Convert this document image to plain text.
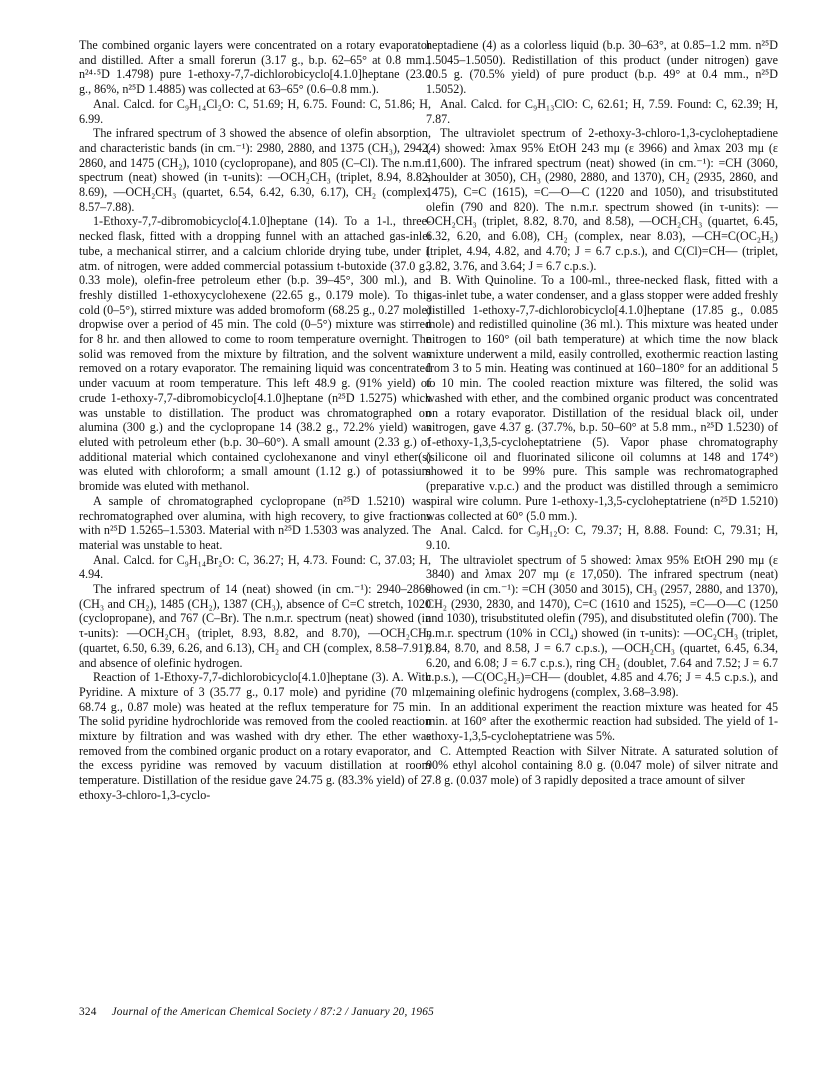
The combined organic layers were concentrated on a rotary evaporator and distilled. After a small forerun (3.17 g., b.p. 62–65° at 0.8 mm., n²⁴·⁵D 1.4798) pure 1-ethoxy-7,7-dichlorobicyclo[4.1.0]heptane (23.0 g., 86%, n²⁵D 1.4885) was collected at 63–65° (0.6–0.8 mm.).

Anal. Calcd. for C₉H₁₄Cl₂O: C, 51.69; H, 6.75. Found: C, 51.86; H, 6.99.

The infrared spectrum of 3 showed the absence of olefin absorption, and characteristic bands (in cm.⁻¹): 2980, 2880, and 1375 (CH₃), 2942, 2860, and 1475 (CH₂), 1010 (cyclopropane), and 805 (C–Cl). The n.m.r. spectrum (neat) showed (in τ-units): —OCH₂CH₃ (triplet, 8.94, 8.82, 8.69), —OCH₂CH₃ (quartet, 6.54, 6.42, 6.30, 6.17), CH₂ (complex, 8.57–7.88).

1-Ethoxy-7,7-dibromobicyclo[4.1.0]heptane (14). To a 1-l., three-necked flask, fitted with a dropping funnel with an attached gas-inlet tube, a mechanical stirrer, and a calcium chloride drying tube, under 1 atm. of nitrogen, were added commercial potassium t-butoxide (37.0 g., 0.33 mole), olefin-free petroleum ether (b.p. 39–45°, 300 ml.), and freshly distilled 1-ethoxycyclohexene (22.65 g., 0.179 mole). To this cold (0–5°), stirred mixture was added bromoform (68.25 g., 0.27 mole) dropwise over a period of 45 min. The cold (0–5°) mixture was stirred for 8 hr. and then allowed to come to room temperature overnight. The solid was removed from the mixture by filtration, and the solvent was removed on a rotary evaporator. The remaining liquid was concentrated under vacuum at room temperature. This left 48.9 g. (91% yield) of crude 1-ethoxy-7,7-dibromobicyclo[4.1.0]heptane (n²⁵D 1.5275) which was unstable to distillation. The product was chromatographed on alumina (300 g.) and the cyclopropane 14 (38.2 g., 72.2% yield) was eluted with petroleum ether (b.p. 30–60°). A small amount (2.33 g.) of additional material which contained cyclohexanone and vinyl ether(s) was eluted with chloroform; a small amount (1.12 g.) of potassium bromide was eluted with methanol.

A sample of chromatographed cyclopropane (n²⁵D 1.5210) was rechromatographed over alumina, with high recovery, to give fractions with n²⁵D 1.5265–1.5303. Material with n²⁵D 1.5303 was analyzed. The material was unstable to heat.

Anal. Calcd. for C₉H₁₄Br₂O: C, 36.27; H, 4.73. Found: C, 37.03; H, 4.94.

The infrared spectrum of 14 (neat) showed (in cm.⁻¹): 2940–2860 (CH₃ and CH₂), 1485 (CH₂), 1387 (CH₃), absence of C=C stretch, 1020 (cyclopropane), and 767 (C–Br). The n.m.r. spectrum (neat) showed (in τ-units): —OCH₂CH₃ (triplet, 8.93, 8.82, and 8.70), —OCH₂CH₃ (quartet, 6.50, 6.39, 6.26, and 6.13), CH₂ and CH (complex, 8.58–7.91), and absence of olefinic hydrogen.

Reaction of 1-Ethoxy-7,7-dichlorobicyclo[4.1.0]heptane (3). A. With Pyridine. A mixture of 3 (35.77 g., 0.17 mole) and pyridine (70 ml., 68.74 g., 0.87 mole) was heated at the reflux temperature for 75 min. The solid pyridine hydrochloride was removed from the cooled reaction mixture by filtration and was washed with dry ether. The ether was removed from the combined organic product on a rotary evaporator, and the excess pyridine was removed by vacuum distillation at room temperature. Distillation of the residue gave 24.75 g. (83.3% yield) of 2-ethoxy-3-chloro-1,3-cyclo-

heptadiene (4) as a colorless liquid (b.p. 30–63°, at 0.85–1.2 mm. n²⁵D 1.5045–1.5050). Redistillation of this product (under nitrogen) gave 20.5 g. (70.5% yield) of pure product (b.p. 49° at 0.4 mm., n²⁵D 1.5052).

Anal. Calcd. for C₉H₁₃ClO: C, 62.61; H, 7.59. Found: C, 62.39; H, 7.87.

The ultraviolet spectrum of 2-ethoxy-3-chloro-1,3-cycloheptadiene (4) showed: λmax 95% EtOH 243 mμ (ε 3966) and λmax 203 mμ (ε 11,600). The infrared spectrum (neat) showed (in cm.⁻¹): =CH (3060, shoulder at 3050), CH₃ (2980, 2880, and 1370), CH₂ (2935, 2860, and 1475), C=C (1615), =C—O—C (1220 and 1050), and trisubstituted olefin (790 and 820). The n.m.r. spectrum showed (in τ-units): —OCH₂CH₃ (triplet, 8.82, 8.70, and 8.58), —OCH₂CH₃ (quartet, 6.45, 6.32, 6.20, and 6.08), CH₂ (complex, near 8.03), —CH=C(OC₂H₅) (triplet, 4.94, 4.82, and 4.70; J = 6.7 c.p.s.), and C(Cl)=CH— (triplet, 3.82, 3.76, and 3.64; J = 6.7 c.p.s.).

B. With Quinoline. To a 100-ml., three-necked flask, fitted with a gas-inlet tube, a water condenser, and a glass stopper were added freshly distilled 1-ethoxy-7,7-dichlorobicyclo[4.1.0]heptane (17.85 g., 0.085 mole) and redistilled quinoline (36 ml.). This mixture was heated under nitrogen to 160° (oil bath temperature) at which time the now black mixture underwent a mild, easily controlled, exothermic reaction lasting from 3 to 5 min. Heating was continued at 160–180° for an additional 5 to 10 min. The cooled reaction mixture was filtered, the solid was washed with ether, and the combined organic product was concentrated on a rotary evaporator. Distillation of the residual black oil, under nitrogen, gave 4.37 g. (37.7%, b.p. 50–60° at 5.8 mm., n²⁵D 1.5230) of 1-ethoxy-1,3,5-cycloheptatriene (5). Vapor phase chromatography (silicone oil and fluorinated silicone oil columns at 148 and 174°) showed it to be 99% pure. This sample was rechromatographed (preparative v.p.c.) and the product was distilled through a semimicro spiral wire column. Pure 1-ethoxy-1,3,5-cycloheptatriene (n²⁵D 1.5210) was collected at 60° (5.0 mm.).

Anal. Calcd. for C₉H₁₂O: C, 79.37; H, 8.88. Found: C, 79.31; H, 9.10.

The ultraviolet spectrum of 5 showed: λmax 95% EtOH 290 mμ (ε 3840) and λmax 207 mμ (ε 17,050). The infrared spectrum (neat) showed (in cm.⁻¹): =CH (3050 and 3015), CH₃ (2957, 2880, and 1370), CH₂ (2930, 2830, and 1470), C=C (1610 and 1525), =C—O—C (1250 and 1030), trisubstituted olefin (795), and disubstituted olefin (700). The n.m.r. spectrum (10% in CCl₄) showed (in τ-units): —OC₂CH₃ (triplet, 8.84, 8.70, and 8.58, J = 6.7 c.p.s.), —OCH₂CH₃ (quartet, 6.45, 6.34, 6.20, and 6.08; J = 6.7 c.p.s.), ring CH₂ (doublet, 7.64 and 7.52; J = 6.7 c.p.s.), —C(OC₂H₅)=CH— (doublet, 4.85 and 4.76; J = 4.5 c.p.s.), and remaining olefinic hydrogens (complex, 3.68–3.98).

In an additional experiment the reaction mixture was heated for 45 min. at 160° after the exothermic reaction had subsided. The yield of 1-ethoxy-1,3,5-cycloheptatriene was 5%.

C. Attempted Reaction with Silver Nitrate. A saturated solution of 90% ethyl alcohol containing 8.0 g. (0.047 mole) of silver nitrate and 7.8 g. (0.037 mole) of 3 rapidly deposited a trace amount of silver

324 Journal of the American Chemical Society / 87:2 / January 20, 1965
